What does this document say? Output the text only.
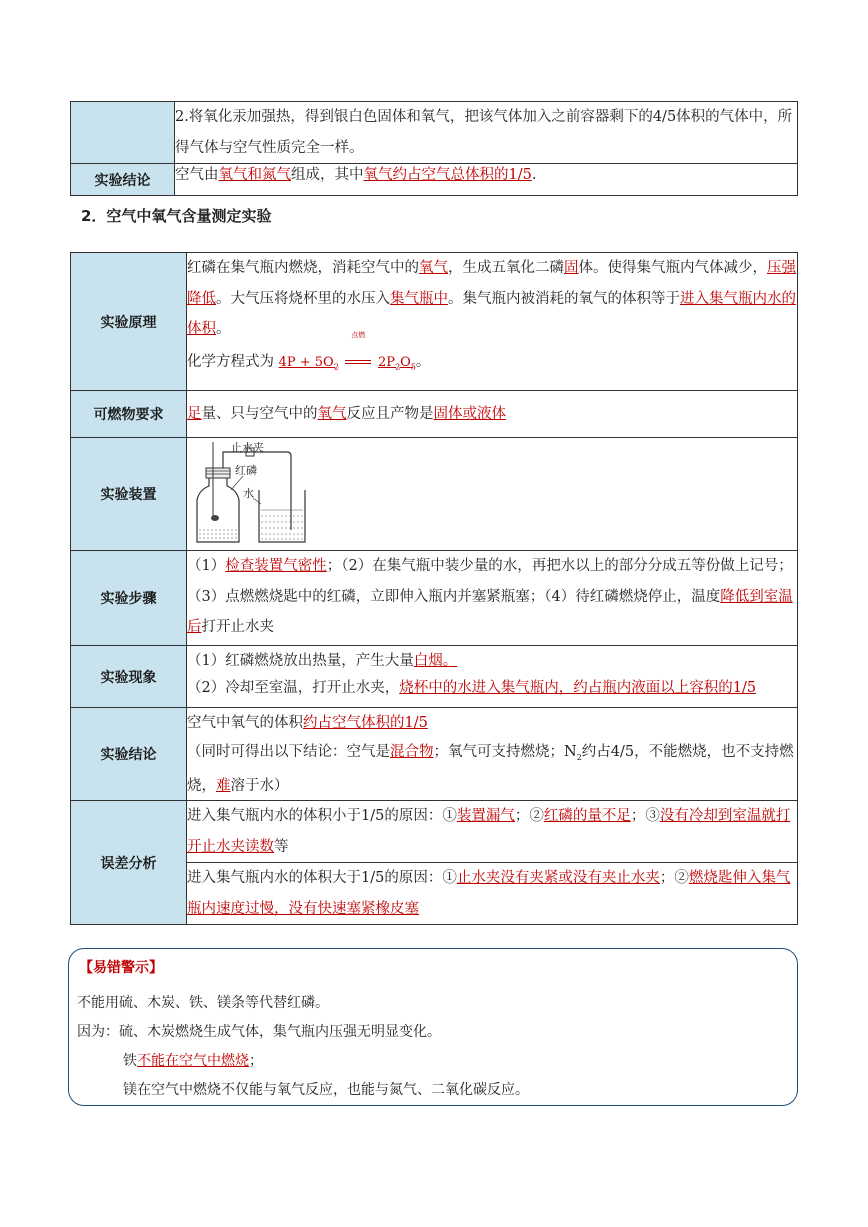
	2.将氧化汞加强热，得到银白色固体和氧气，把该气体加入之前容器剩下的4/5体积的气体中，所得气体与空气性质完全一样。
实验结论	空气由氧气和氮气组成，其中氧气约占空气总体积的1/5.
2．空气中氧气含量测定实验
实验原理	红磷在集气瓶内燃烧，消耗空气中的氧气，生成五氧化二磷固体。使得集气瓶内气体减少，压强降低。大气压将烧杯里的水压入集气瓶中。集气瓶内被消耗的氧气的体积等于进入集气瓶内水的体积。
化学方程式为 $4P + 5O_2$
点燃
$2P_2O_5$。

可燃物要求	足量、只与空气中的氧气反应且产物是固体或液体
实验装置	止水夹
红磷
水

实验步骤	（1）检查装置气密性；（2）在集气瓶中装少量的水，再把水以上的部分分成五等份做上记号；（3）点燃燃烧匙中的红磷，立即伸入瓶内并塞紧瓶塞；（4）待红磷燃烧停止，温度降低到室温后打开止水夹
实验现象	（1）红磷燃烧放出热量，产生大量白烟。
（2）冷却至室温，打开止水夹，烧杯中的水进入集气瓶内，约占瓶内液面以上容积的1/5

实验结论	空气中氧气的体积约占空气体积的1/5
（同时可得出以下结论：空气是混合物；氧气可支持燃烧；$N_2$约占4/5，不能燃烧，也不支持燃烧，难溶于水）

误差分析	进入集气瓶内水的体积小于1/5的原因：①装置漏气；②红磷的量不足；③没有冷却到室温就打开止水夹读数等
	进入集气瓶内水的体积大于1/5的原因：①止水夹没有夹紧或没有夹止水夹；②燃烧匙伸入集气瓶内速度过慢，没有快速塞紧橡皮塞
【易错警示】
不能用硫、木炭、铁、镁条等代替红磷。
因为：硫、木炭燃烧生成气体，集气瓶内压强无明显变化。
铁不能在空气中燃烧；
镁在空气中燃烧不仅能与氧气反应，也能与氮气、二氧化碳反应。
